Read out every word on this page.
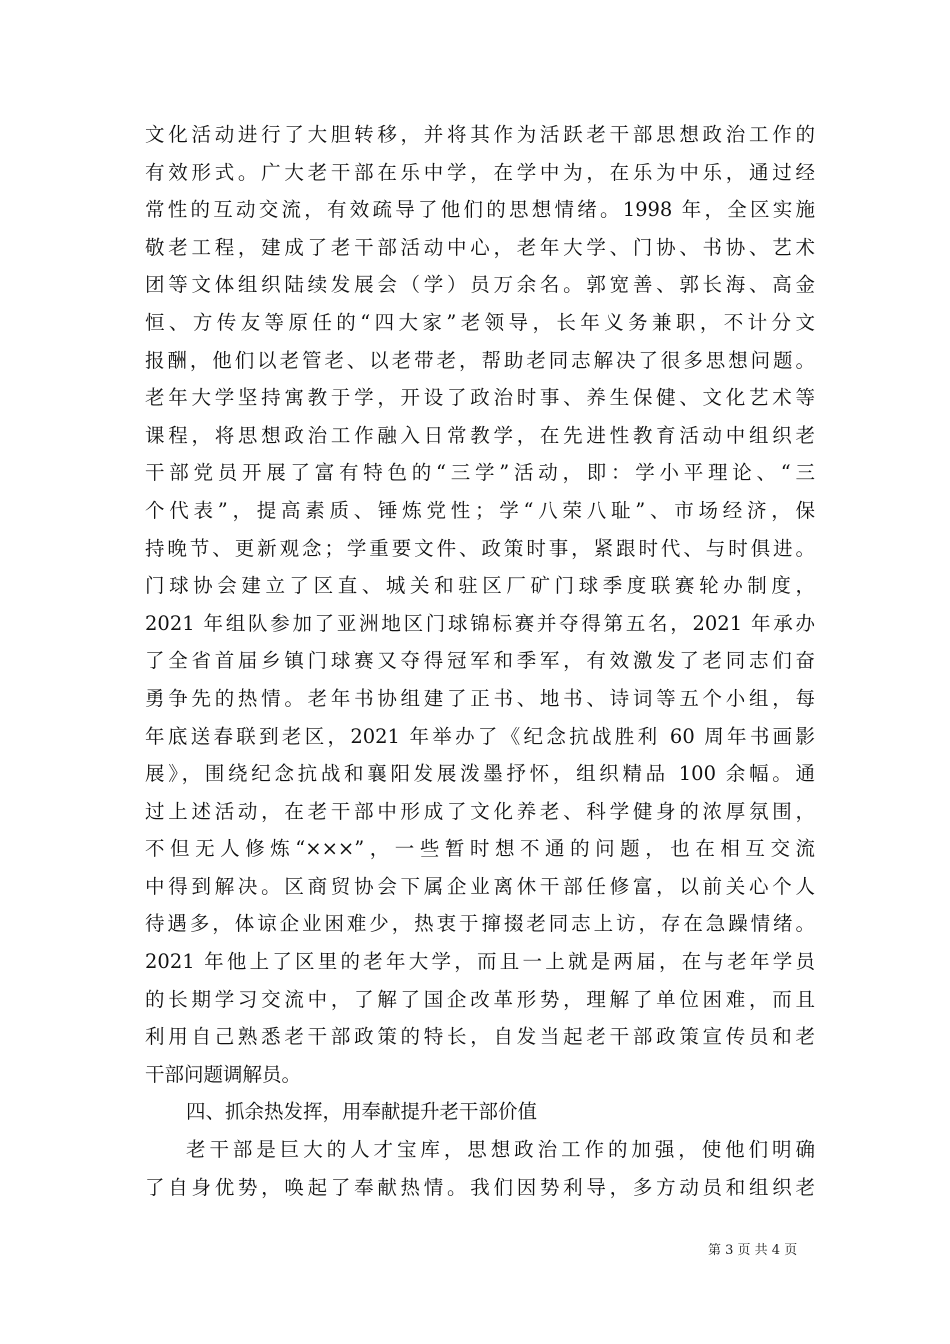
文化活动进行了大胆转移，并将其作为活跃老干部思想政治工作的
有效形式。广大老干部在乐中学，在学中为，在乐为中乐，通过经
常性的互动交流，有效疏导了他们的思想情绪。1998 年，全区实施
敬老工程，建成了老干部活动中心，老年大学、门协、书协、艺术
团等文体组织陆续发展会（学）员万余名。郭宽善、郭长海、高金
恒、方传友等原任的“四大家”老领导，长年义务兼职，不计分文
报酬，他们以老管老、以老带老，帮助老同志解决了很多思想问题。
老年大学坚持寓教于学，开设了政治时事、养生保健、文化艺术等
课程，将思想政治工作融入日常教学，在先进性教育活动中组织老
干部党员开展了富有特色的“三学”活动，即：学小平理论、“三
个代表”，提高素质、锤炼党性；学“八荣八耻”、市场经济，保
持晚节、更新观念；学重要文件、政策时事，紧跟时代、与时俱进。
门球协会建立了区直、城关和驻区厂矿门球季度联赛轮办制度，
2021 年组队参加了亚洲地区门球锦标赛并夺得第五名，2021 年承办
了全省首届乡镇门球赛又夺得冠军和季军，有效激发了老同志们奋
勇争先的热情。老年书协组建了正书、地书、诗词等五个小组，每
年底送春联到老区，2021 年举办了《纪念抗战胜利 60 周年书画影
展》，围绕纪念抗战和襄阳发展泼墨抒怀，组织精品 100 余幅。通
过上述活动，在老干部中形成了文化养老、科学健身的浓厚氛围，
不但无人修炼“×××”，一些暂时想不通的问题，也在相互交流
中得到解决。区商贸协会下属企业离休干部任修富，以前关心个人
待遇多，体谅企业困难少，热衷于撺掇老同志上访，存在急躁情绪。
2021 年他上了区里的老年大学，而且一上就是两届，在与老年学员
的长期学习交流中，了解了国企改革形势，理解了单位困难，而且
利用自己熟悉老干部政策的特长，自发当起老干部政策宣传员和老
干部问题调解员。
四、抓余热发挥，用奉献提升老干部价值
老干部是巨大的人才宝库，思想政治工作的加强，使他们明确
了自身优势，唤起了奉献热情。我们因势利导，多方动员和组织老
第 3 页 共 4 页
